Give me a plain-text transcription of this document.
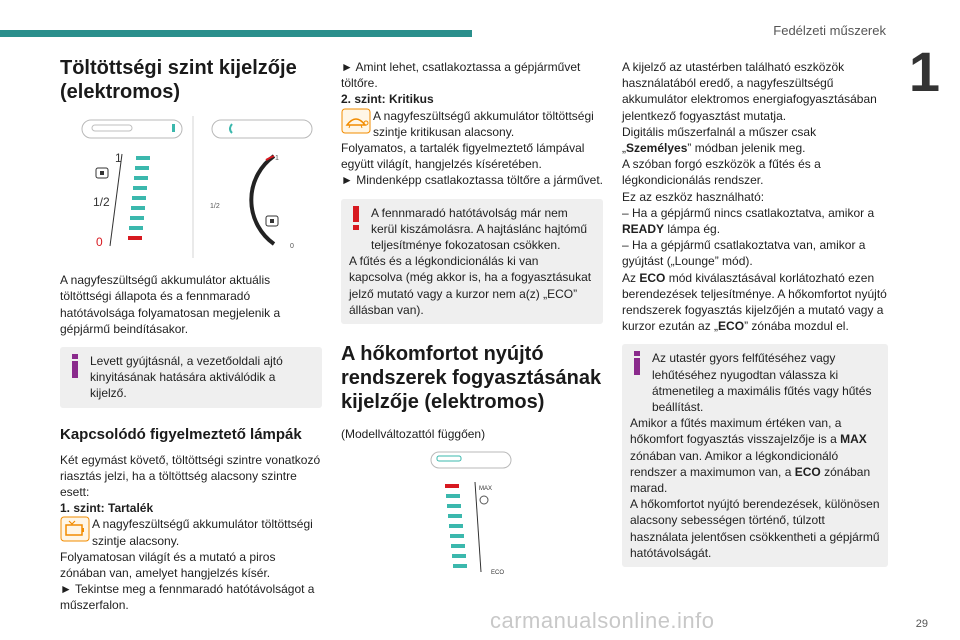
Fedélzeti műszerek
1
29
carmanualsonline.info
Töltöttségi szint kijelzője (elektromos)
1
1/2
0
1
1/2
0

A nagyfeszültségű akkumulátor aktuális töltöttségi állapota és a fennmaradó hatótávolsága folyamatosan megjelenik a gépjármű beindításakor.

Levett gyújtásnál, a vezetőoldali ajtó kinyitásának hatására aktiválódik a kijelző.

Kapcsolódó figyelmeztető lámpák

Két egymást követő, töltöttségi szintre vonatkozó riasztás jelzi, ha a töltöttség alacsony szintre esett:

1. szint: Tartalék

A nagyfeszültségű akkumulátor töltöttségi szintje alacsony.

Folyamatosan világít és a mutató a piros zónában van, amelyet hangjelzés kísér.

► Tekintse meg a fennmaradó hatótávolságot a műszerfalon.

► Amint lehet, csatlakoztassa a gépjárművet töltőre.

2. szint: Kritikus

A nagyfeszültségű akkumulátor töltöttségi szintje kritikusan alacsony.

Folyamatos, a tartalék figyelmeztető lámpával együtt világít, hangjelzés kíséretében.

► Mindenképp csatlakoztassa töltőre a járművet.

A fennmaradó hatótávolság már nem kerül kiszámolásra. A hajtáslánc hajtómű teljesítménye fokozatosan csökken.

A fűtés és a légkondicionálás ki van kapcsolva (még akkor is, ha a fogyasztásukat jelző mutató vagy a kurzor nem a(z) „ECO” állásban van).

A hőkomfortot nyújtó rendszerek fogyasztásának kijelzője (elektromos)

(Modellváltozattól függően)

MAX
ECO

A kijelző az utastérben található eszközök használatából eredő, a nagyfeszültségű akkumulátor elektromos energiafogyasztásában jelentkező fogyasztást mutatja.

Digitális műszerfalnál a műszer csak „Személyes” módban jelenik meg.

A szóban forgó eszközök a fűtés és a légkondicionálás rendszer.

Ez az eszköz használható:

– Ha a gépjármű nincs csatlakoztatva, amikor a READY lámpa ég.

– Ha a gépjármű csatlakoztatva van, amikor a gyújtást („Lounge” mód).

Az ECO mód kiválasztásával korlátozható ezen berendezések teljesítménye. A hőkomfortot nyújtó rendszerek fogyasztás kijelzőjén a mutató vagy a kurzor ezután az „ECO” zónába mozdul el.

Az utastér gyors felfűtéséhez vagy lehűtéséhez nyugodtan válassza ki átmenetileg a maximális fűtés vagy hűtés beállítást.

Amikor a fűtés maximum értéken van, a hőkomfort fogyasztás visszajelzője is a MAX zónában van. Amikor a légkondicionáló rendszer a maximumon van, a ECO zónában marad.

A hőkomfortot nyújtó berendezések, különösen alacsony sebességen történő, túlzott használata jelentősen csökkentheti a gépjármű hatótávolságát.
